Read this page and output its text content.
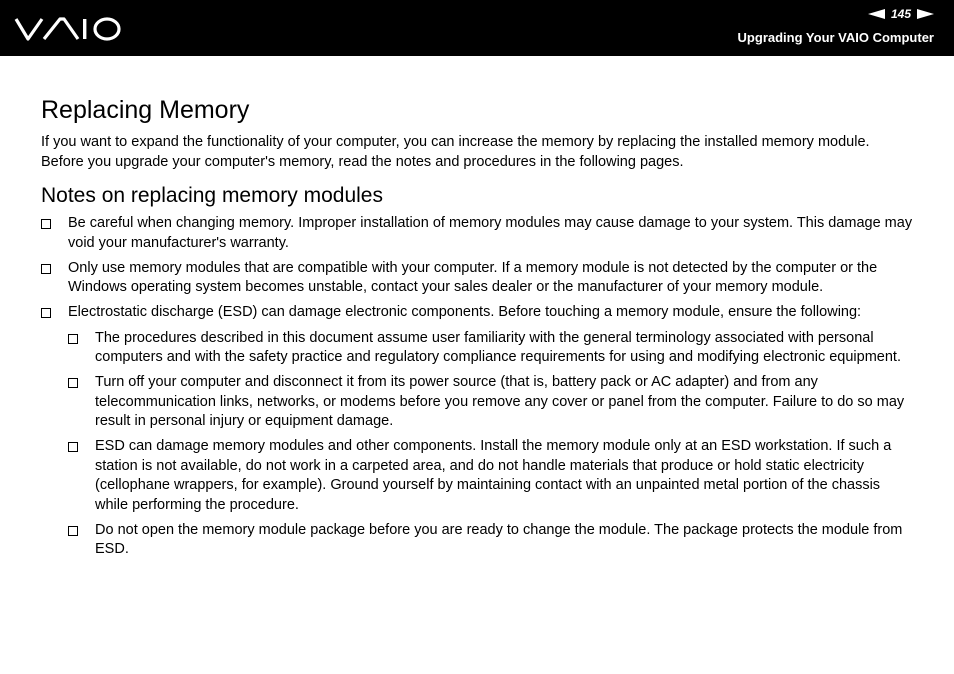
145
Upgrading Your VAIO Computer
Replacing Memory

If you want to expand the functionality of your computer, you can increase the memory by replacing the installed memory module. Before you upgrade your computer's memory, read the notes and procedures in the following pages.

Notes on replacing memory modules
Be careful when changing memory. Improper installation of memory modules may cause damage to your system. This damage may void your manufacturer's warranty.
Only use memory modules that are compatible with your computer. If a memory module is not detected by the computer or the Windows operating system becomes unstable, contact your sales dealer or the manufacturer of your memory module.
Electrostatic discharge (ESD) can damage electronic components. Before touching a memory module, ensure the following:
The procedures described in this document assume user familiarity with the general terminology associated with personal computers and with the safety practice and regulatory compliance requirements for using and modifying electronic equipment.
Turn off your computer and disconnect it from its power source (that is, battery pack or AC adapter) and from any telecommunication links, networks, or modems before you remove any cover or panel from the computer. Failure to do so may result in personal injury or equipment damage.
ESD can damage memory modules and other components. Install the memory module only at an ESD workstation. If such a station is not available, do not work in a carpeted area, and do not handle materials that produce or hold static electricity (cellophane wrappers, for example). Ground yourself by maintaining contact with an unpainted metal portion of the chassis while performing the procedure.
Do not open the memory module package before you are ready to change the module. The package protects the module from ESD.
